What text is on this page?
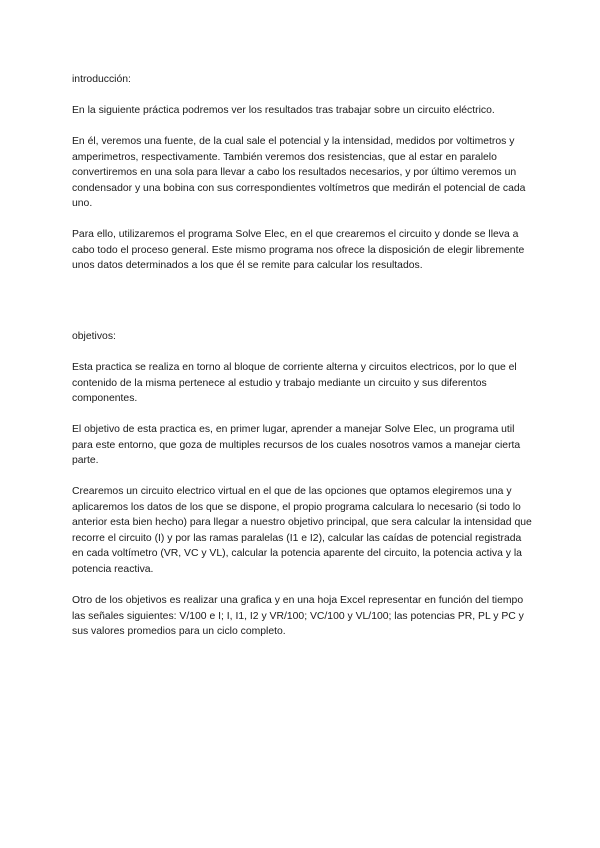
introducción:

En la siguiente práctica podremos ver los resultados tras trabajar sobre un circuito eléctrico.

En él, veremos una fuente, de la cual sale el potencial y la intensidad, medidos por voltimetros y amperimetros, respectivamente. También veremos dos resistencias, que al estar en paralelo convertiremos en una sola para llevar a cabo los resultados necesarios, y por último veremos un condensador y una bobina con sus correspondientes voltímetros que medirán el potencial de cada uno.

Para ello, utilizaremos el programa Solve Elec, en el que crearemos el circuito y donde se lleva a cabo todo el proceso general. Este mismo programa nos ofrece la disposición de elegir libremente unos datos determinados a los que él se remite para calcular los resultados.

objetivos:

Esta practica se realiza en torno al bloque de corriente alterna y circuitos electricos, por lo que el contenido de la misma pertenece al estudio y trabajo mediante un circuito y sus diferentos componentes.

El objetivo de esta practica es, en primer lugar, aprender a manejar Solve Elec, un programa util para este entorno, que goza de multiples recursos de los cuales nosotros vamos a manejar cierta parte.

Crearemos un circuito electrico virtual en el que de las opciones que optamos elegiremos una y aplicaremos los datos de los que se dispone, el propio programa calculara lo necesario (si todo lo anterior esta bien hecho) para llegar a nuestro objetivo principal, que sera calcular la intensidad que recorre el circuito (I) y por las ramas paralelas (I1 e I2), calcular las caídas de potencial registrada en cada voltímetro (VR, VC y VL), calcular la potencia aparente del circuito, la potencia activa y la potencia reactiva.

Otro de los objetivos es realizar una grafica y en una hoja Excel representar en función del tiempo las señales siguientes: V/100 e I; I, I1, I2 y VR/100; VC/100 y VL/100; las potencias PR, PL y PC y sus valores promedios para un ciclo completo.
